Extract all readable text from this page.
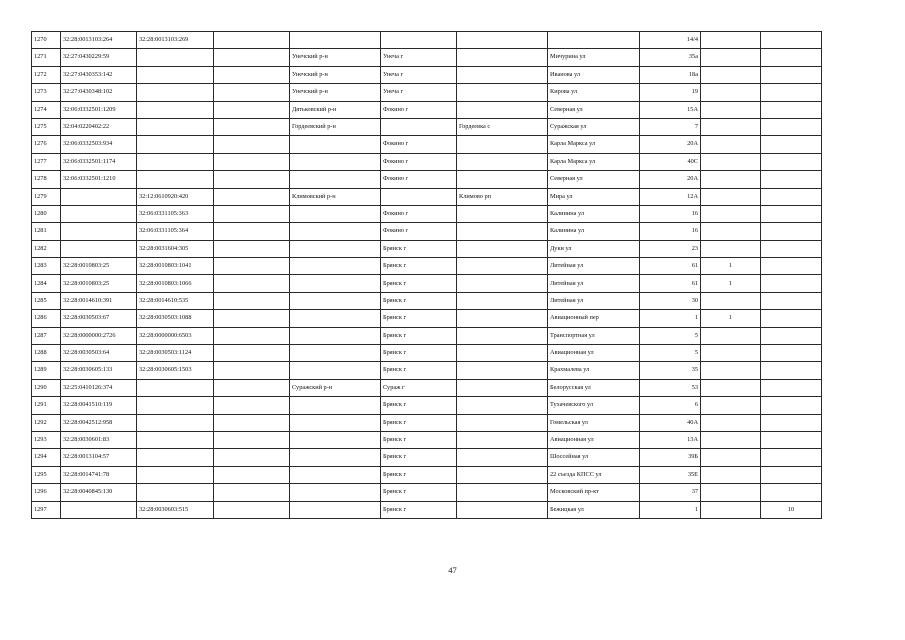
1270	32:28:0013103:264	32:28:0013103:269						14/4		
1271	32:27:0430229:59			Унечский р-н	Унеча г		Мичурина ул	35а		
1272	32:27:0430353:142			Унечский р-н	Унеча г		Иванова ул	18а		
1273	32:27:0430348:102			Унечский р-н	Унеча г		Кирова ул	19		
1274	32:06:0332501:1209			Дятьковский р-н	Фокино г		Северная ул	15А		
1275	32:04:0220402:22			Гордеевский р-н		Гордеевка с	Суражская ул	7		
1276	32:06:0332503:934				Фокино г		Карла Маркса ул	20А		
1277	32:06:0332501:1174				Фокино г		Карла Маркса ул	40С		
1278	32:06:0332501:1210				Фокино г		Северная ул	20А		
1279		32:12:0610920:420		Климовский р-н		Климово рп	Мира ул	12А		
1280		32:06:0331105:363			Фокино г		Калинина ул	16		
1281		32:06:0331105:364			Фокино г		Калинина ул	16		
1282		32:28:0031604:305			Брянск г		Дуки ул	23		
1283	32:28:0010803:25	32:28:0010803:1041			Брянск г		Литейная ул	61	1	
1284	32:28:0010803:25	32:28:0010803:1066			Брянск г		Литейная ул	61	1	
1285	32:28:0014610:391	32:28:0014610:535			Брянск г		Литейная ул	30		
1286	32:28:0030503:67	32:28:0030503:1088			Брянск г		Авиационный пер	1	1	
1287	32:28:0000000:2726	32:28:0000000:6503			Брянск г		Транспортная ул	5		
1288	32:28:0030503:64	32:28:0030503:1124			Брянск г		Авиационная ул	5		
1289	32:28:0030605:133	32:28:0030605:1503			Брянск г		Крахмалева ул	35		
1290	32:25:0410126:374			Суражский р-н	Сураж г		Белорусская ул	53		
1291	32:28:0041510:119				Брянск г		Тухачевского ул	6		
1292	32:28:0042512:958				Брянск г		Гомельская ул	40А		
1293	32:28:0030601:83				Брянск г		Авиационная ул	13А		
1294	32:28:0013104:57				Брянск г		Шоссейная ул	39Б		
1295	32:28:0014741:78				Брянск г		22 съезда КПСС ул	35Е		
1296	32:28:0040845:130				Брянск г		Московский пр-кт	37		
1297		32:28:0030603:515			Брянск г		Бежицкая ул	1		10
47
